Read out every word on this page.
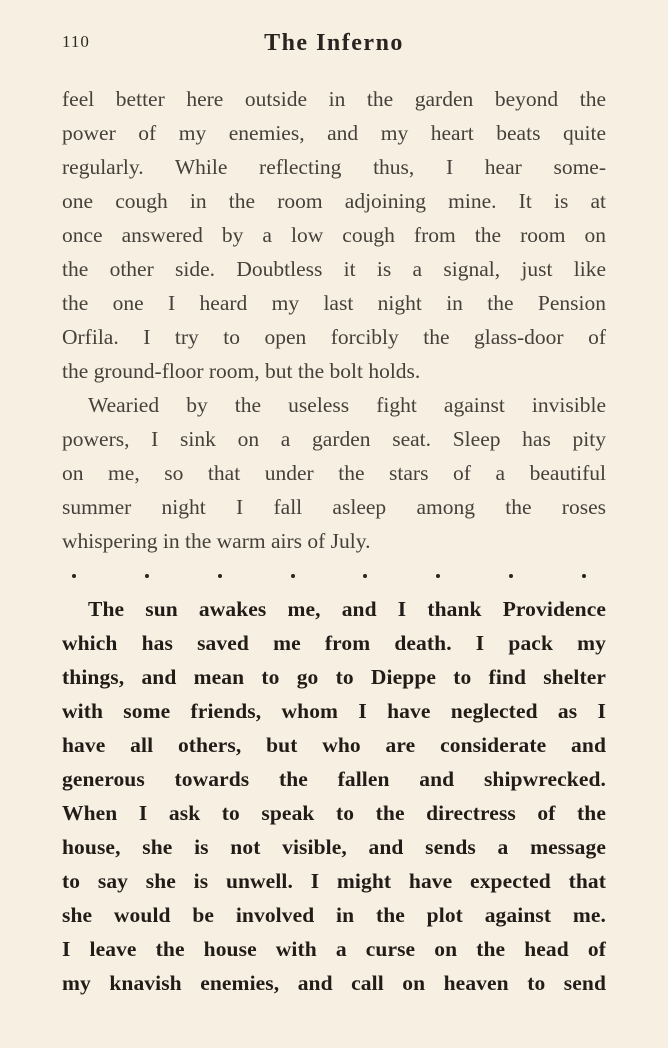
110	The Inferno
feel better here outside in the garden beyond the
power of my enemies, and my heart beats quite
regularly. While reflecting thus, I hear some-
one cough in the room adjoining mine. It is at
once answered by a low cough from the room on
the other side. Doubtless it is a signal, just like
the one I heard my last night in the Pension
Orfila. I try to open forcibly the glass-door of
the ground-floor room, but the bolt holds.
Wearied by the useless fight against invisible
powers, I sink on a garden seat. Sleep has pity
on me, so that under the stars of a beautiful
summer night I fall asleep among the roses
whispering in the warm airs of July.
The sun awakes me, and I thank Providence
which has saved me from death. I pack my
things, and mean to go to Dieppe to find shelter
with some friends, whom I have neglected as I
have all others, but who are considerate and
generous towards the fallen and shipwrecked.
When I ask to speak to the directress of the
house, she is not visible, and sends a message
to say she is unwell. I might have expected that
she would be involved in the plot against me.
I leave the house with a curse on the head of
my knavish enemies, and call on heaven to send
